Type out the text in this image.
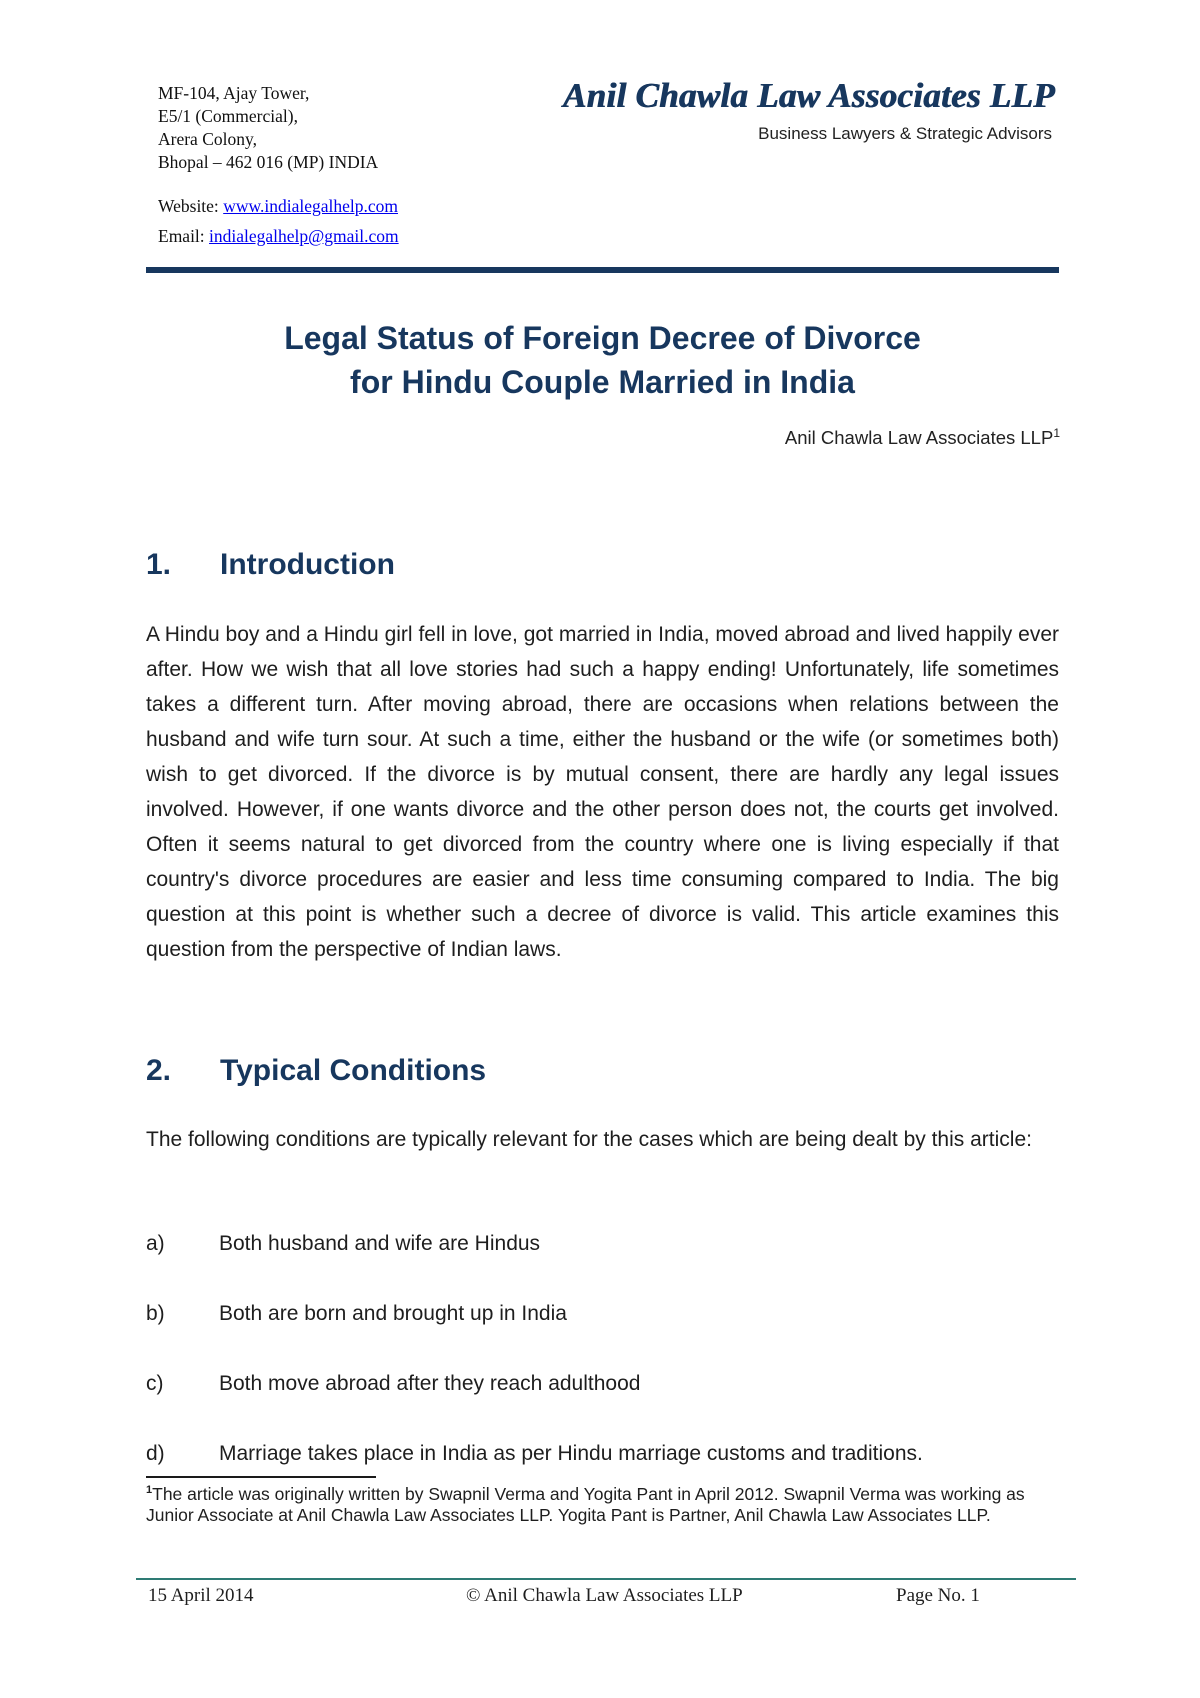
MF-104, Ajay Tower,
E5/1 (Commercial),
Arera Colony,
Bhopal – 462 016 (MP) INDIA
Website: www.indialegalhelp.com
Email: indialegalhelp@gmail.com
Anil Chawla Law Associates LLP
Business Lawyers & Strategic Advisors
Legal Status of Foreign Decree of Divorce
for Hindu Couple Married in India
Anil Chawla Law Associates LLP$^1$
1. Introduction

A Hindu boy and a Hindu girl fell in love, got married in India, moved abroad and lived happily ever after. How we wish that all love stories had such a happy ending! Unfortunately, life sometimes takes a different turn. After moving abroad, there are occasions when relations between the husband and wife turn sour. At such a time, either the husband or the wife (or sometimes both) wish to get divorced. If the divorce is by mutual consent, there are hardly any legal issues involved. However, if one wants divorce and the other person does not, the courts get involved. Often it seems natural to get divorced from the country where one is living especially if that country's divorce procedures are easier and less time consuming compared to India. The big question at this point is whether such a decree of divorce is valid. This article examines this question from the perspective of Indian laws.

2. Typical Conditions

The following conditions are typically relevant for the cases which are being dealt by this article:

a)	Both husband and wife are Hindus
b)	Both are born and brought up in India
c)	Both move abroad after they reach adulthood
d)	Marriage takes place in India as per Hindu marriage customs and traditions.

$^1$The article was originally written by Swapnil Verma and Yogita Pant in April 2012. Swapnil Verma was working as Junior Associate at Anil Chawla Law Associates LLP. Yogita Pant is Partner, Anil Chawla Law Associates LLP.

15 April 2014	© Anil Chawla Law Associates LLP	Page No. 1
